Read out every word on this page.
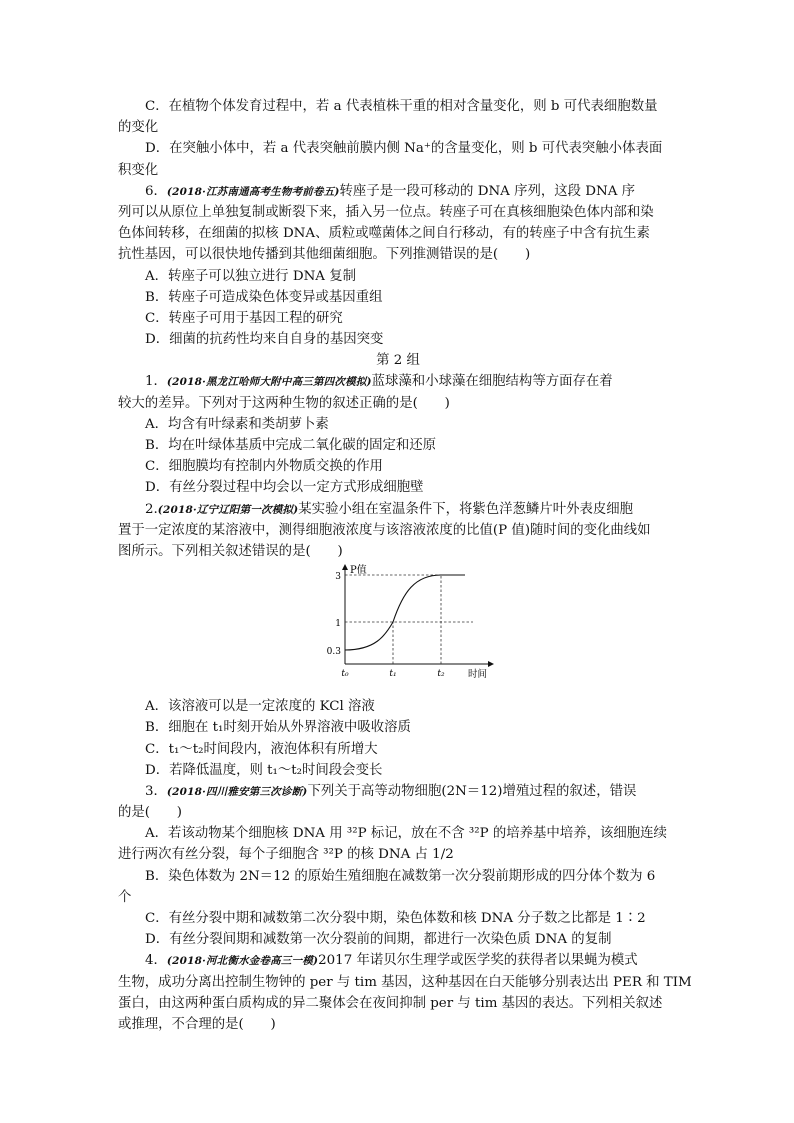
C．在植物个体发育过程中，若 a 代表植株干重的相对含量变化，则 b 可代表细胞数量
的变化
D．在突触小体中，若 a 代表突触前膜内侧 Na⁺的含量变化，则 b 可代表突触小体表面
积变化
6．(2018·江苏南通高考生物考前卷五)转座子是一段可移动的 DNA 序列，这段 DNA 序
列可以从原位上单独复制或断裂下来，插入另一位点。转座子可在真核细胞染色体内部和染
色体间转移，在细菌的拟核 DNA、质粒或噬菌体之间自行移动，有的转座子中含有抗生素
抗性基因，可以很快地传播到其他细菌细胞。下列推测错误的是(　　)
A．转座子可以独立进行 DNA 复制
B．转座子可造成染色体变异或基因重组
C．转座子可用于基因工程的研究
D．细菌的抗药性均来自自身的基因突变
第 2 组
1．(2018·黑龙江哈师大附中高三第四次模拟)蓝球藻和小球藻在细胞结构等方面存在着
较大的差异。下列对于这两种生物的叙述正确的是(　　)
A．均含有叶绿素和类胡萝卜素
B．均在叶绿体基质中完成二氧化碳的固定和还原
C．细胞膜均有控制内外物质交换的作用
D．有丝分裂过程中均会以一定方式形成细胞壁
2.(2018·辽宁辽阳第一次模拟)某实验小组在室温条件下，将紫色洋葱鳞片叶外表皮细胞
置于一定浓度的某溶液中，测得细胞液浓度与该溶液浓度的比值(P 值)随时间的变化曲线如
图所示。下列相关叙述错误的是(　　)
0.3
1
3
t₀	t₁	t₂
P值
时间
A．该溶液可以是一定浓度的 KCl 溶液
B．细胞在 t₁时刻开始从外界溶液中吸收溶质
C．t₁～t₂时间段内，液泡体积有所增大
D．若降低温度，则 t₁～t₂时间段会变长
3．(2018·四川雅安第三次诊断)下列关于高等动物细胞(2N＝12)增殖过程的叙述，错误
的是(　　)
A．若该动物某个细胞核 DNA 用 ³²P 标记，放在不含 ³²P 的培养基中培养，该细胞连续
进行两次有丝分裂，每个子细胞含 ³²P 的核 DNA 占 1/2
B．染色体数为 2N＝12 的原始生殖细胞在减数第一次分裂前期形成的四分体个数为 6
个
C．有丝分裂中期和减数第二次分裂中期，染色体数和核 DNA 分子数之比都是 1∶2
D．有丝分裂间期和减数第一次分裂前的间期，都进行一次染色质 DNA 的复制
4．(2018·河北衡水金卷高三一模)2017 年诺贝尔生理学或医学奖的获得者以果蝇为模式
生物，成功分离出控制生物钟的 per 与 tim 基因，这种基因在白天能够分别表达出 PER 和 TIM
蛋白，由这两种蛋白质构成的异二聚体会在夜间抑制 per 与 tim 基因的表达。下列相关叙述
或推理，不合理的是(　　)
